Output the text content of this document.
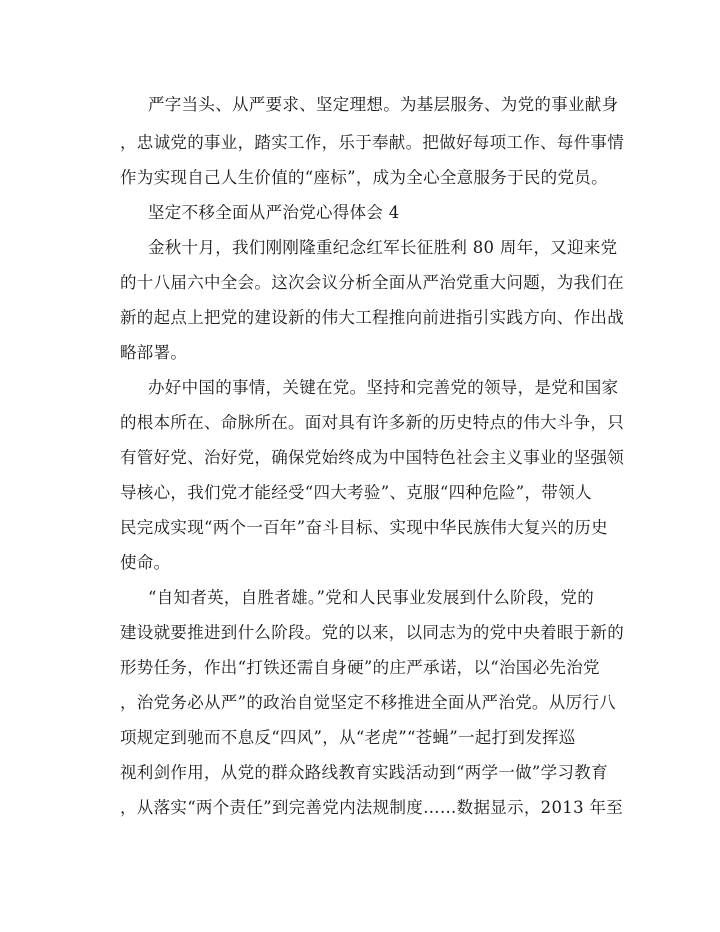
严字当头、从严要求、坚定理想。为基层服务、为党的事业献身
，忠诚党的事业，踏实工作，乐于奉献。把做好每项工作、每件事情
作为实现自己人生价值的“座标”，成为全心全意服务于民的党员。
坚定不移全面从严治党心得体会 4
金秋十月，我们刚刚隆重纪念红军长征胜利 80 周年，又迎来党
的十八届六中全会。这次会议分析全面从严治党重大问题，为我们在
新的起点上把党的建设新的伟大工程推向前进指引实践方向、作出战
略部署。
办好中国的事情，关键在党。坚持和完善党的领导，是党和国家
的根本所在、命脉所在。面对具有许多新的历史特点的伟大斗争，只
有管好党、治好党，确保党始终成为中国特色社会主义事业的坚强领
导核心，我们党才能经受“四大考验”、克服“四种危险”，带领人
民完成实现“两个一百年”奋斗目标、实现中华民族伟大复兴的历史
使命。
“自知者英，自胜者雄。”党和人民事业发展到什么阶段，党的
建设就要推进到什么阶段。党的以来，以同志为的党中央着眼于新的
形势任务，作出“打铁还需自身硬”的庄严承诺，以“治国必先治党
，治党务必从严”的政治自觉坚定不移推进全面从严治党。从厉行八
项规定到驰而不息反“四风”，从“老虎”“苍蝇”一起打到发挥巡
视利剑作用，从党的群众路线教育实践活动到“两学一做”学习教育
，从落实“两个责任”到完善党内法规制度……数据显示，2013 年至
